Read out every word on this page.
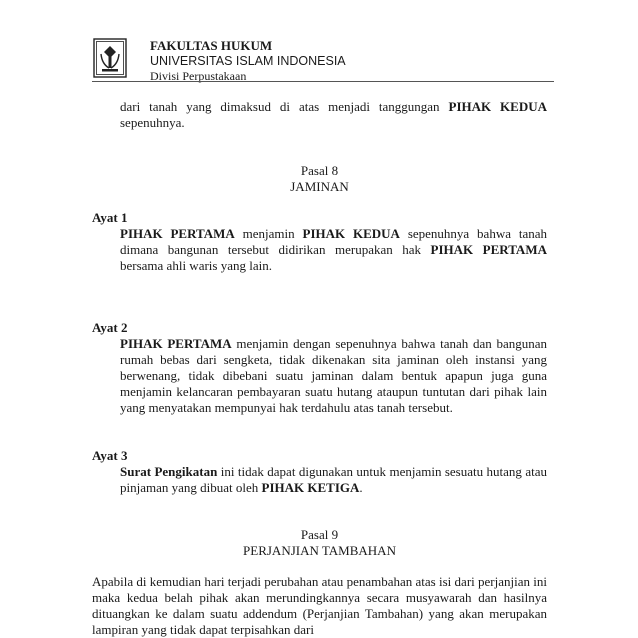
FAKULTAS HUKUM
UNIVERSITAS ISLAM INDONESIA
Divisi Perpustakaan

dari tanah yang dimaksud di atas menjadi tanggungan PIHAK KEDUA sepenuhnya.

Pasal 8

JAMINAN

Ayat 1

PIHAK PERTAMA menjamin PIHAK KEDUA sepenuhnya bahwa tanah dimana bangunan tersebut didirikan merupakan hak PIHAK PERTAMA bersama ahli waris yang lain.

Ayat 2

PIHAK PERTAMA menjamin dengan sepenuhnya bahwa tanah dan bangunan rumah bebas dari sengketa, tidak dikenakan sita jaminan oleh instansi yang berwenang, tidak dibebani suatu jaminan dalam bentuk apapun juga guna menjamin kelancaran pembayaran suatu hutang ataupun tuntutan dari pihak lain yang menyatakan mempunyai hak terdahulu atas tanah tersebut.

Ayat 3

Surat Pengikatan ini tidak dapat digunakan untuk menjamin sesuatu hutang atau pinjaman yang dibuat oleh PIHAK KETIGA.

Pasal 9

PERJANJIAN TAMBAHAN

Apabila di kemudian hari terjadi perubahan atau penambahan atas isi dari perjanjian ini maka kedua belah pihak akan merundingkannya secara musyawarah dan hasilnya dituangkan ke dalam suatu addendum (Perjanjian Tambahan) yang akan merupakan lampiran yang tidak dapat terpisahkan dari
